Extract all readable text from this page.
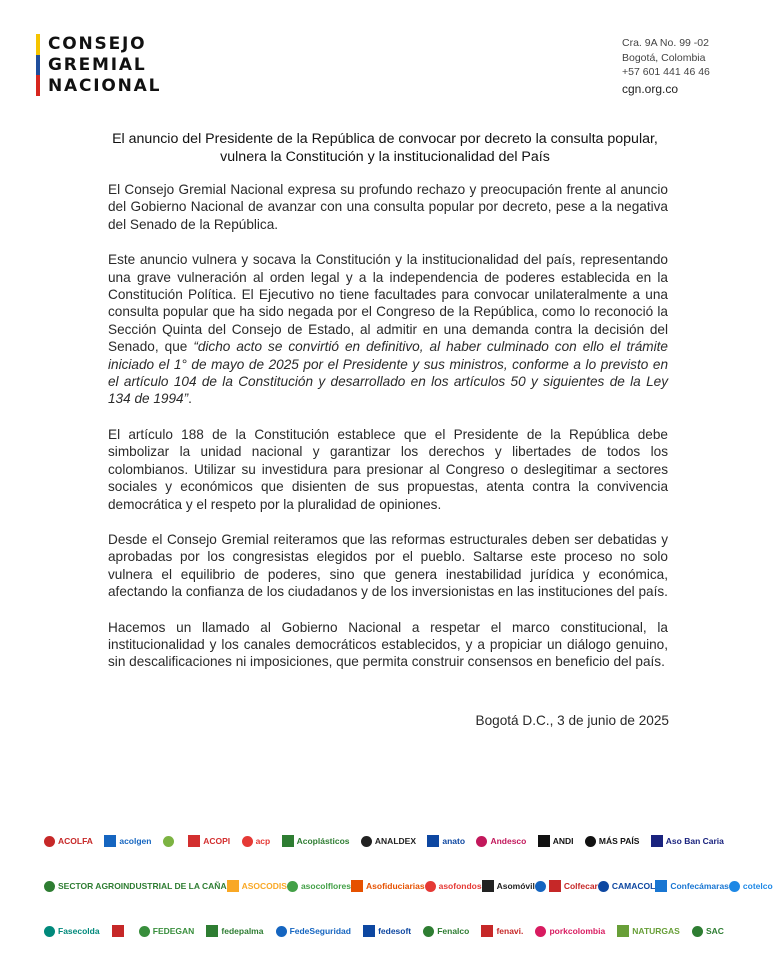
CONSEJO
GREMIAL
NACIONAL
Cra. 9A No. 99 -02
Bogotá, Colombia
+57 601 441 46 46
cgn.org.co
El anuncio del Presidente de la República de convocar por decreto la consulta popular, vulnera la Constitución y la institucionalidad del País

El Consejo Gremial Nacional expresa su profundo rechazo y preocupación frente al anuncio del Gobierno Nacional de avanzar con una consulta popular por decreto, pese a la negativa del Senado de la República.

Este anuncio vulnera y socava la Constitución y la institucionalidad del país, representando una grave vulneración al orden legal y a la independencia de poderes establecida en la Constitución Política. El Ejecutivo no tiene facultades para convocar unilateralmente a una consulta popular que ha sido negada por el Congreso de la República, como lo reconoció la Sección Quinta del Consejo de Estado, al admitir en una demanda contra la decisión del Senado, que “dicho acto se convirtió en definitivo, al haber culminado con ello el trámite iniciado el 1° de mayo de 2025 por el Presidente y sus ministros, conforme a lo previsto en el artículo 104 de la Constitución y desarrollado en los artículos 50 y siguientes de la Ley 134 de 1994”.

El artículo 188 de la Constitución establece que el Presidente de la República debe simbolizar la unidad nacional y garantizar los derechos y libertades de todos los colombianos. Utilizar su investidura para presionar al Congreso o deslegitimar a sectores sociales y económicos que disienten de sus propuestas, atenta contra la convivencia democrática y el respeto por la pluralidad de opiniones.

Desde el Consejo Gremial reiteramos que las reformas estructurales deben ser debatidas y aprobadas por los congresistas elegidos por el pueblo. Saltarse este proceso no solo vulnera el equilibrio de poderes, sino que genera inestabilidad jurídica y económica, afectando la confianza de los ciudadanos y de los inversionistas en las instituciones del país.

Hacemos un llamado al Gobierno Nacional a respetar el marco constitucional, la institucionalidad y los canales democráticos establecidos, y a propiciar un diálogo genuino, sin descalificaciones ni imposiciones, que permita construir consensos en beneficio del país.

Bogotá D.C., 3 de junio de 2025
ACOLFA	acolgen	ACOPI	acp	Acoplásticos	ANALDEX	anato	Andesco	ANDI	MÁS PAÍS	Aso Ban Caria
SECTOR AGROINDUSTRIAL DE LA CAÑA ASOCODIS asocolflores Asofiduciarias asofondos Asomóvil	Colfecar CAMACOL Confecámaras cotelco
Fasecolda	FEDEGAN	fedepalma	FedeSeguridad	fedesoft	Fenalco	fenavi.	porkcolombia	NATURGAS	SAC
